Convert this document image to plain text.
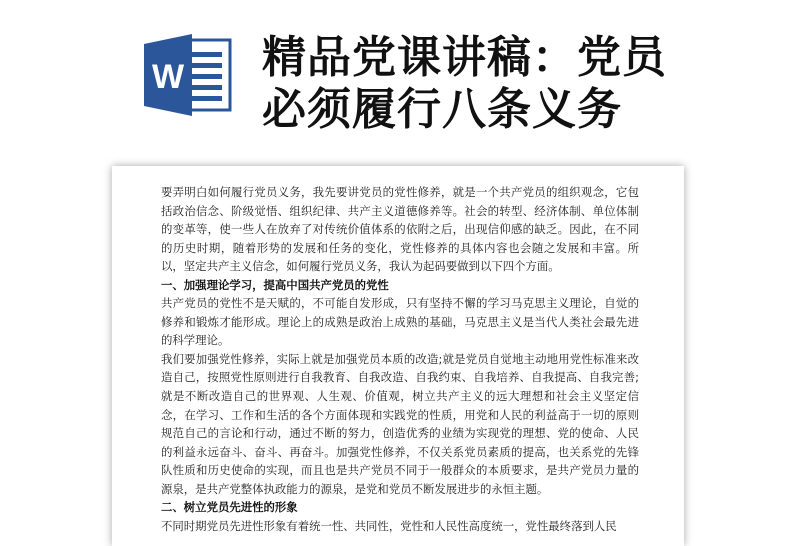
W 精品党课讲稿：党员
必须履行八条义务

要弄明白如何履行党员义务，我先要讲党员的党性修养，就是一个共产党员的组织观念，它包括政治信念、阶级觉悟、组织纪律、共产主义道德修养等。社会的转型、经济体制、单位体制的变革等，使一些人在放弃了对传统价值体系的依附之后，出现信仰感的缺乏。因此，在不同的历史时期，随着形势的发展和任务的变化，党性修养的具体内容也会随之发展和丰富。所以，坚定共产主义信念，如何履行党员义务，我认为起码要做到以下四个方面。

一、加强理论学习，提高中国共产党员的党性

共产党员的党性不是天赋的，不可能自发形成，只有坚持不懈的学习马克思主义理论，自觉的修养和锻炼才能形成。理论上的成熟是政治上成熟的基础，马克思主义是当代人类社会最先进的科学理论。

我们要加强党性修养，实际上就是加强党员本质的改造;就是党员自觉地主动地用党性标准来改造自己，按照党性原则进行自我教育、自我改造、自我约束、自我培养、自我提高、自我完善;就是不断改造自己的世界观、人生观、价值观，树立共产主义的远大理想和社会主义坚定信念，在学习、工作和生活的各个方面体现和实践党的性质，用党和人民的利益高于一切的原则规范自己的言论和行动，通过不断的努力，创造优秀的业绩为实现党的理想、党的使命、人民的利益永远奋斗、奋斗、再奋斗。加强党性修养，不仅关系党员素质的提高，也关系党的先锋队性质和历史使命的实现，而且也是共产党员不同于一般群众的本质要求，是共产党员力量的源泉，是共产党整体执政能力的源泉，是党和党员不断发展进步的永恒主题。

二、树立党员先进性的形象

不同时期党员先进性形象有着统一性、共同性，党性和人民性高度统一，党性最终落到人民
